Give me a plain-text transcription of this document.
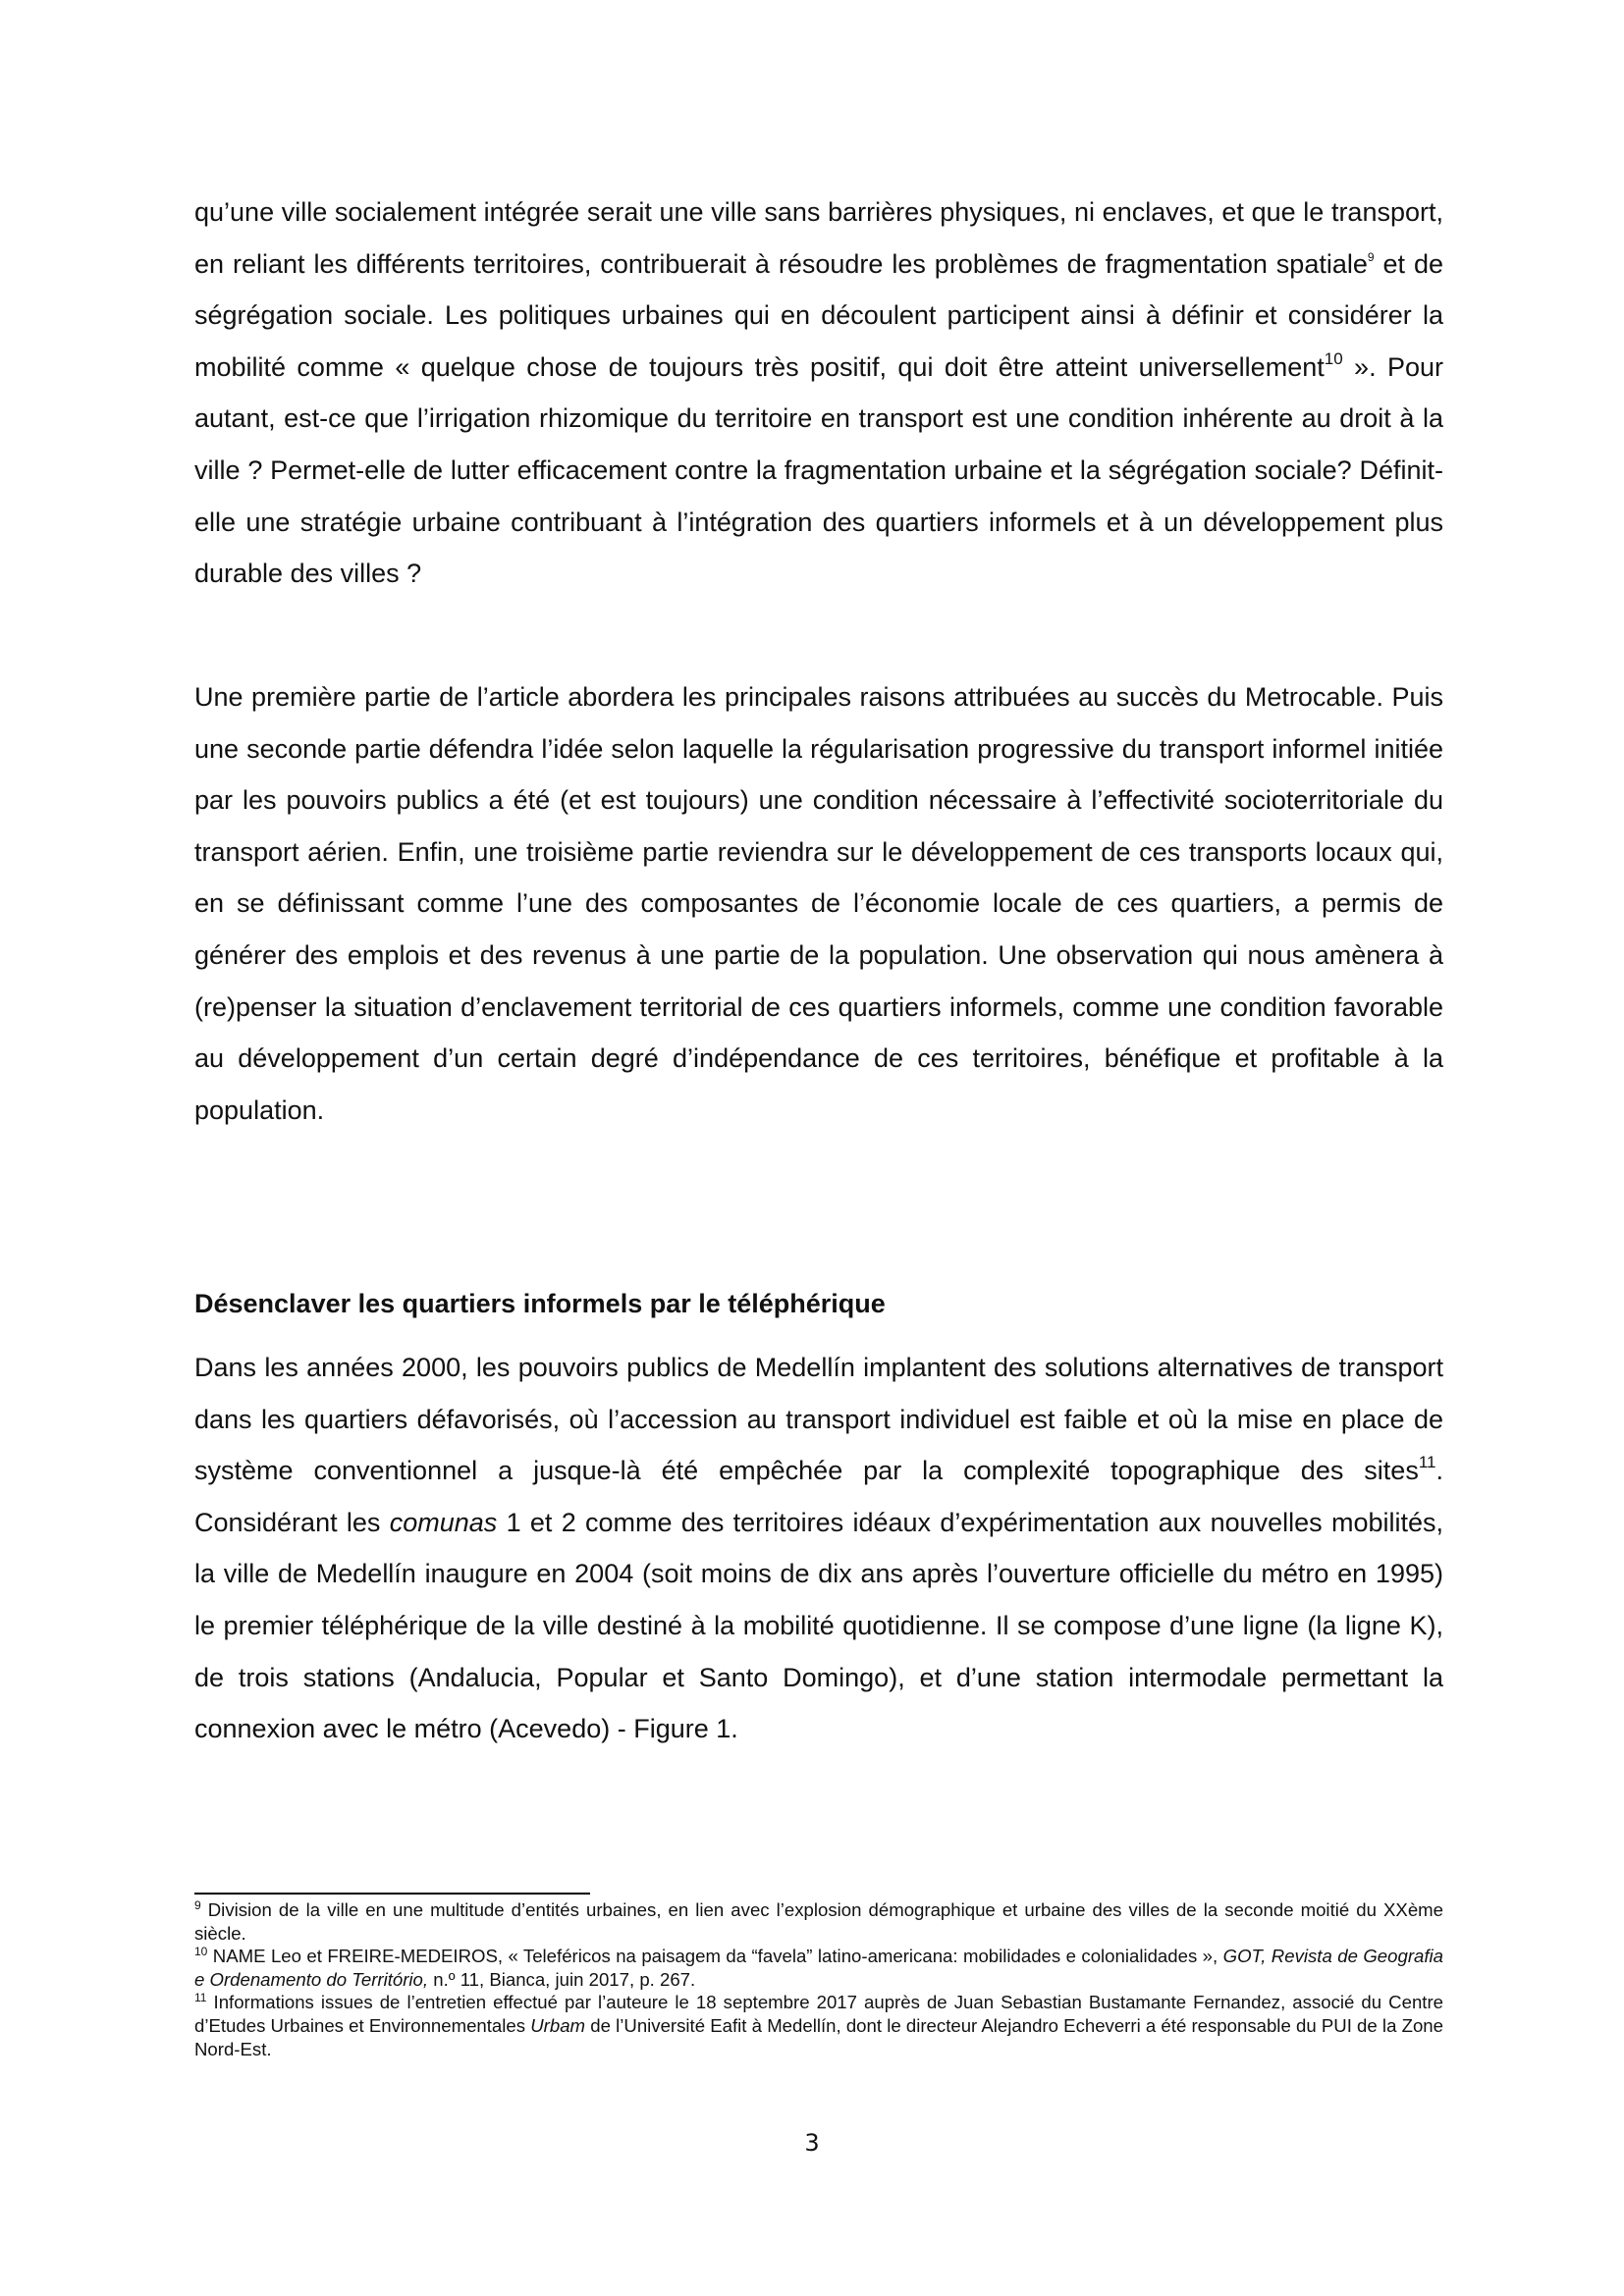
qu’une ville socialement intégrée serait une ville sans barrières physiques, ni enclaves, et que le transport, en reliant les différents territoires, contribuerait à résoudre les problèmes de fragmentation spatiale$^9$ et de ségrégation sociale. Les politiques urbaines qui en découlent participent ainsi à définir et considérer la mobilité comme « quelque chose de toujours très positif, qui doit être atteint universellement$^{10}$ ». Pour autant, est-ce que l’irrigation rhizomique du territoire en transport est une condition inhérente au droit à la ville ? Permet-elle de lutter efficacement contre la fragmentation urbaine et la ségrégation sociale? Définit-elle une stratégie urbaine contribuant à l’intégration des quartiers informels et à un développement plus durable des villes ?

Une première partie de l’article abordera les principales raisons attribuées au succès du Metrocable. Puis une seconde partie défendra l’idée selon laquelle la régularisation progressive du transport informel initiée par les pouvoirs publics a été (et est toujours) une condition nécessaire à l’effectivité socioterritoriale du transport aérien. Enfin, une troisième partie reviendra sur le développement de ces transports locaux qui, en se définissant comme l’une des composantes de l’économie locale de ces quartiers, a permis de générer des emplois et des revenus à une partie de la population. Une observation qui nous amènera à (re)penser la situation d’enclavement territorial de ces quartiers informels, comme une condition favorable au développement d’un certain degré d’indépendance de ces territoires, bénéfique et profitable à la population.

Désenclaver les quartiers informels par le téléphérique

Dans les années 2000, les pouvoirs publics de Medellín implantent des solutions alternatives de transport dans les quartiers défavorisés, où l’accession au transport individuel est faible et où la mise en place de système conventionnel a jusque-là été empêchée par la complexité topographique des sites$^{11}$. Considérant les comunas 1 et 2 comme des territoires idéaux d’expérimentation aux nouvelles mobilités, la ville de Medellín inaugure en 2004 (soit moins de dix ans après l’ouverture officielle du métro en 1995) le premier téléphérique de la ville destiné à la mobilité quotidienne. Il se compose d’une ligne (la ligne K), de trois stations (Andalucia, Popular et Santo Domingo), et d’une station intermodale permettant la connexion avec le métro (Acevedo) - Figure 1.

$^9$ Division de la ville en une multitude d’entités urbaines, en lien avec l’explosion démographique et urbaine des villes de la seconde moitié du XXème siècle.

$^{10}$ NAME Leo et FREIRE-MEDEIROS, « Teleféricos na paisagem da “favela” latino-americana: mobilidades e colonialidades », GOT, Revista de Geografia e Ordenamento do Território, n.º 11, Bianca, juin 2017, p. 267.

$^{11}$ Informations issues de l’entretien effectué par l’auteure le 18 septembre 2017 auprès de Juan Sebastian Bustamante Fernandez, associé du Centre d’Etudes Urbaines et Environnementales Urbam de l’Université Eafit à Medellín, dont le directeur Alejandro Echeverri a été responsable du PUI de la Zone Nord-Est.

3
